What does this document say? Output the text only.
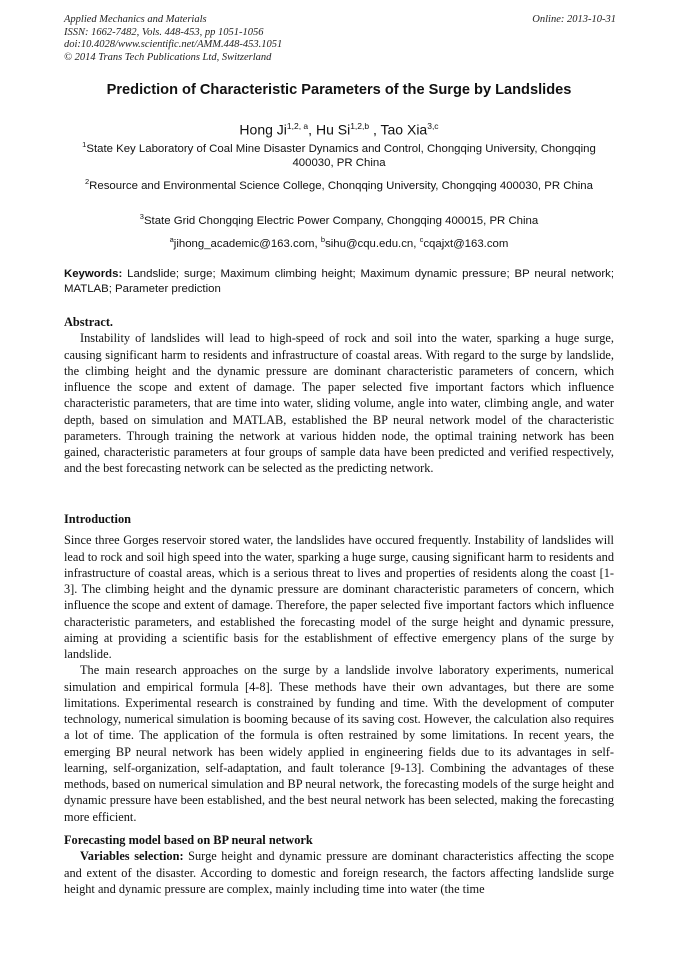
Applied Mechanics and Materials
ISSN: 1662-7482, Vols. 448-453, pp 1051-1056
doi:10.4028/www.scientific.net/AMM.448-453.1051
© 2014 Trans Tech Publications Ltd, Switzerland
Online: 2013-10-31
Prediction of Characteristic Parameters of the Surge by Landslides
Hong Ji$^{1,2, a}$, Hu Si$^{1,2,b}$ , Tao Xia$^{3,c}$
$^1$State Key Laboratory of Coal Mine Disaster Dynamics and Control, Chongqing University, Chongqing 400030, PR China
$^2$Resource and Environmental Science College, Chonqqing University, Chongqing 400030, PR China
$^3$State Grid Chongqing Electric Power Company, Chongqing 400015, PR China
$^a$jihong_academic@163.com, $^b$sihu@cqu.edu.cn, $^c$cqajxt@163.com
Keywords: Landslide; surge; Maximum climbing height; Maximum dynamic pressure; BP neural network; MATLAB; Parameter prediction

Abstract.

Instability of landslides will lead to high-speed of rock and soil into the water, sparking a huge surge, causing significant harm to residents and infrastructure of coastal areas. With regard to the surge by landslide, the climbing height and the dynamic pressure are dominant characteristic parameters of concern, which influence the scope and extent of damage. The paper selected five important factors which influence characteristic parameters, that are time into water, sliding volume, angle into water, climbing angle, and water depth, based on simulation and MATLAB, established the BP neural network model of the characteristic parameters. Through training the network at various hidden node, the optimal training network has been gained, characteristic parameters at four groups of sample data have been predicted and verified respectively, and the best forecasting network can be selected as the predicting network.

Introduction

Since three Gorges reservoir stored water, the landslides have occured frequently. Instability of landslides will lead to rock and soil high speed into the water, sparking a huge surge, causing significant harm to residents and infrastructure of coastal areas, which is a serious threat to lives and properties of residents along the coast [1-3]. The climbing height and the dynamic pressure are dominant characteristic parameters of concern, which influence the scope and extent of damage. Therefore, the paper selected five important factors which influence characteristic parameters, and established the forecasting model of the surge height and dynamic pressure, aiming at providing a scientific basis for the establishment of effective emergency plans of the surge by landslide.

The main research approaches on the surge by a landslide involve laboratory experiments, numerical simulation and empirical formula [4-8]. These methods have their own advantages, but there are some limitations. Experimental research is constrained by funding and time. With the development of computer technology, numerical simulation is booming because of its saving cost. However, the calculation also requires a lot of time. The application of the formula is often restrained by some limitations. In recent years, the emerging BP neural network has been widely applied in engineering fields due to its advantages in self-learning, self-organization, self-adaptation, and fault tolerance [9-13]. Combining the advantages of these methods, based on numerical simulation and BP neural network, the forecasting models of the surge height and dynamic pressure have been established, and the best neural network has been selected, making the forecasting more efficient.

Forecasting model based on BP neural network

Variables selection: Surge height and dynamic pressure are dominant characteristics affecting the scope and extent of the disaster. According to domestic and foreign research, the factors affecting landslide surge height and dynamic pressure are complex, mainly including time into water (the time
